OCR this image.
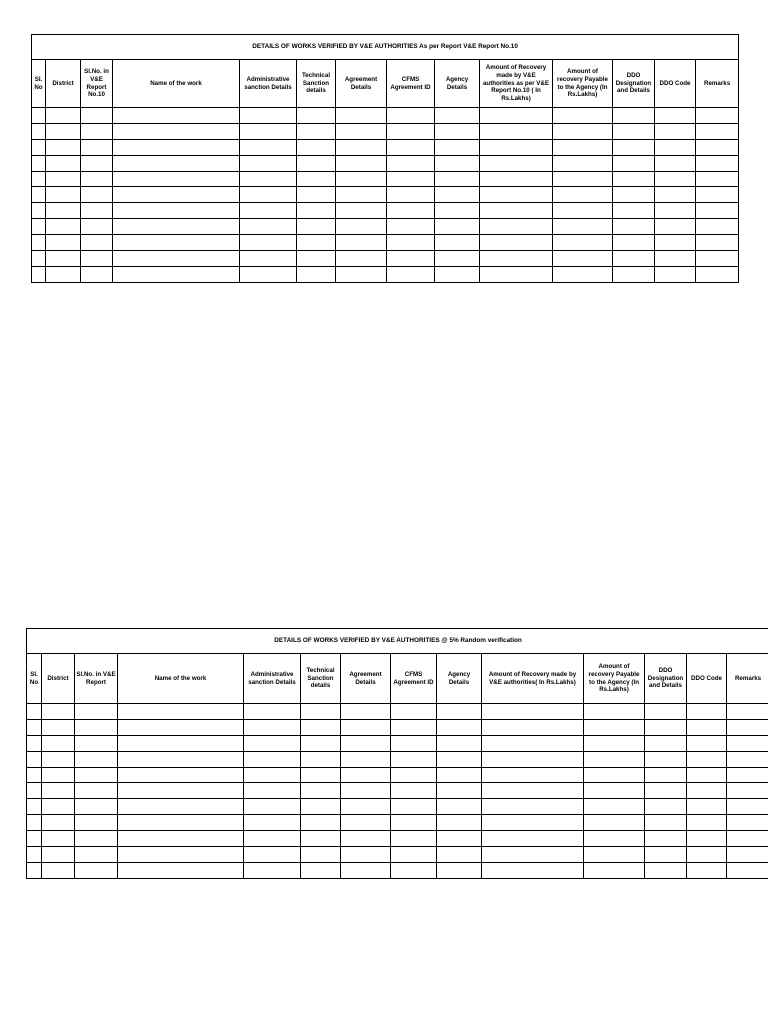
DETAILS OF WORKS VERIFIED BY V&E AUTHORITIES As per Report V&E Report No.10													
Sl. No	District	Sl.No. in V&E Report No.10	Name of the work	Administrative sanction Details	Technical Sanction details	Agreement Details	CFMS Agreement ID	Agency Details	Amount of Recovery made by V&E authorities as per V&E Report No.10 ( In Rs.Lakhs)	Amount of recovery Payable to the Agency (In Rs.Lakhs)	DDO Designation and Details	DDO Code	Remarks

DETAILS OF WORKS VERIFIED BY V&E AUTHORITIES @ 5% Random verification													
Sl. No	District	Sl.No. in V&E Report	Name of the work	Administrative sanction Details	Technical Sanction details	Agreement Details	CFMS Agreement ID	Agency Details	Amount of Recovery made by V&E authorities( In Rs.Lakhs)	Amount of recovery Payable to the Agency (In Rs.Lakhs)	DDO Designation and Details	DDO Code	Remarks
